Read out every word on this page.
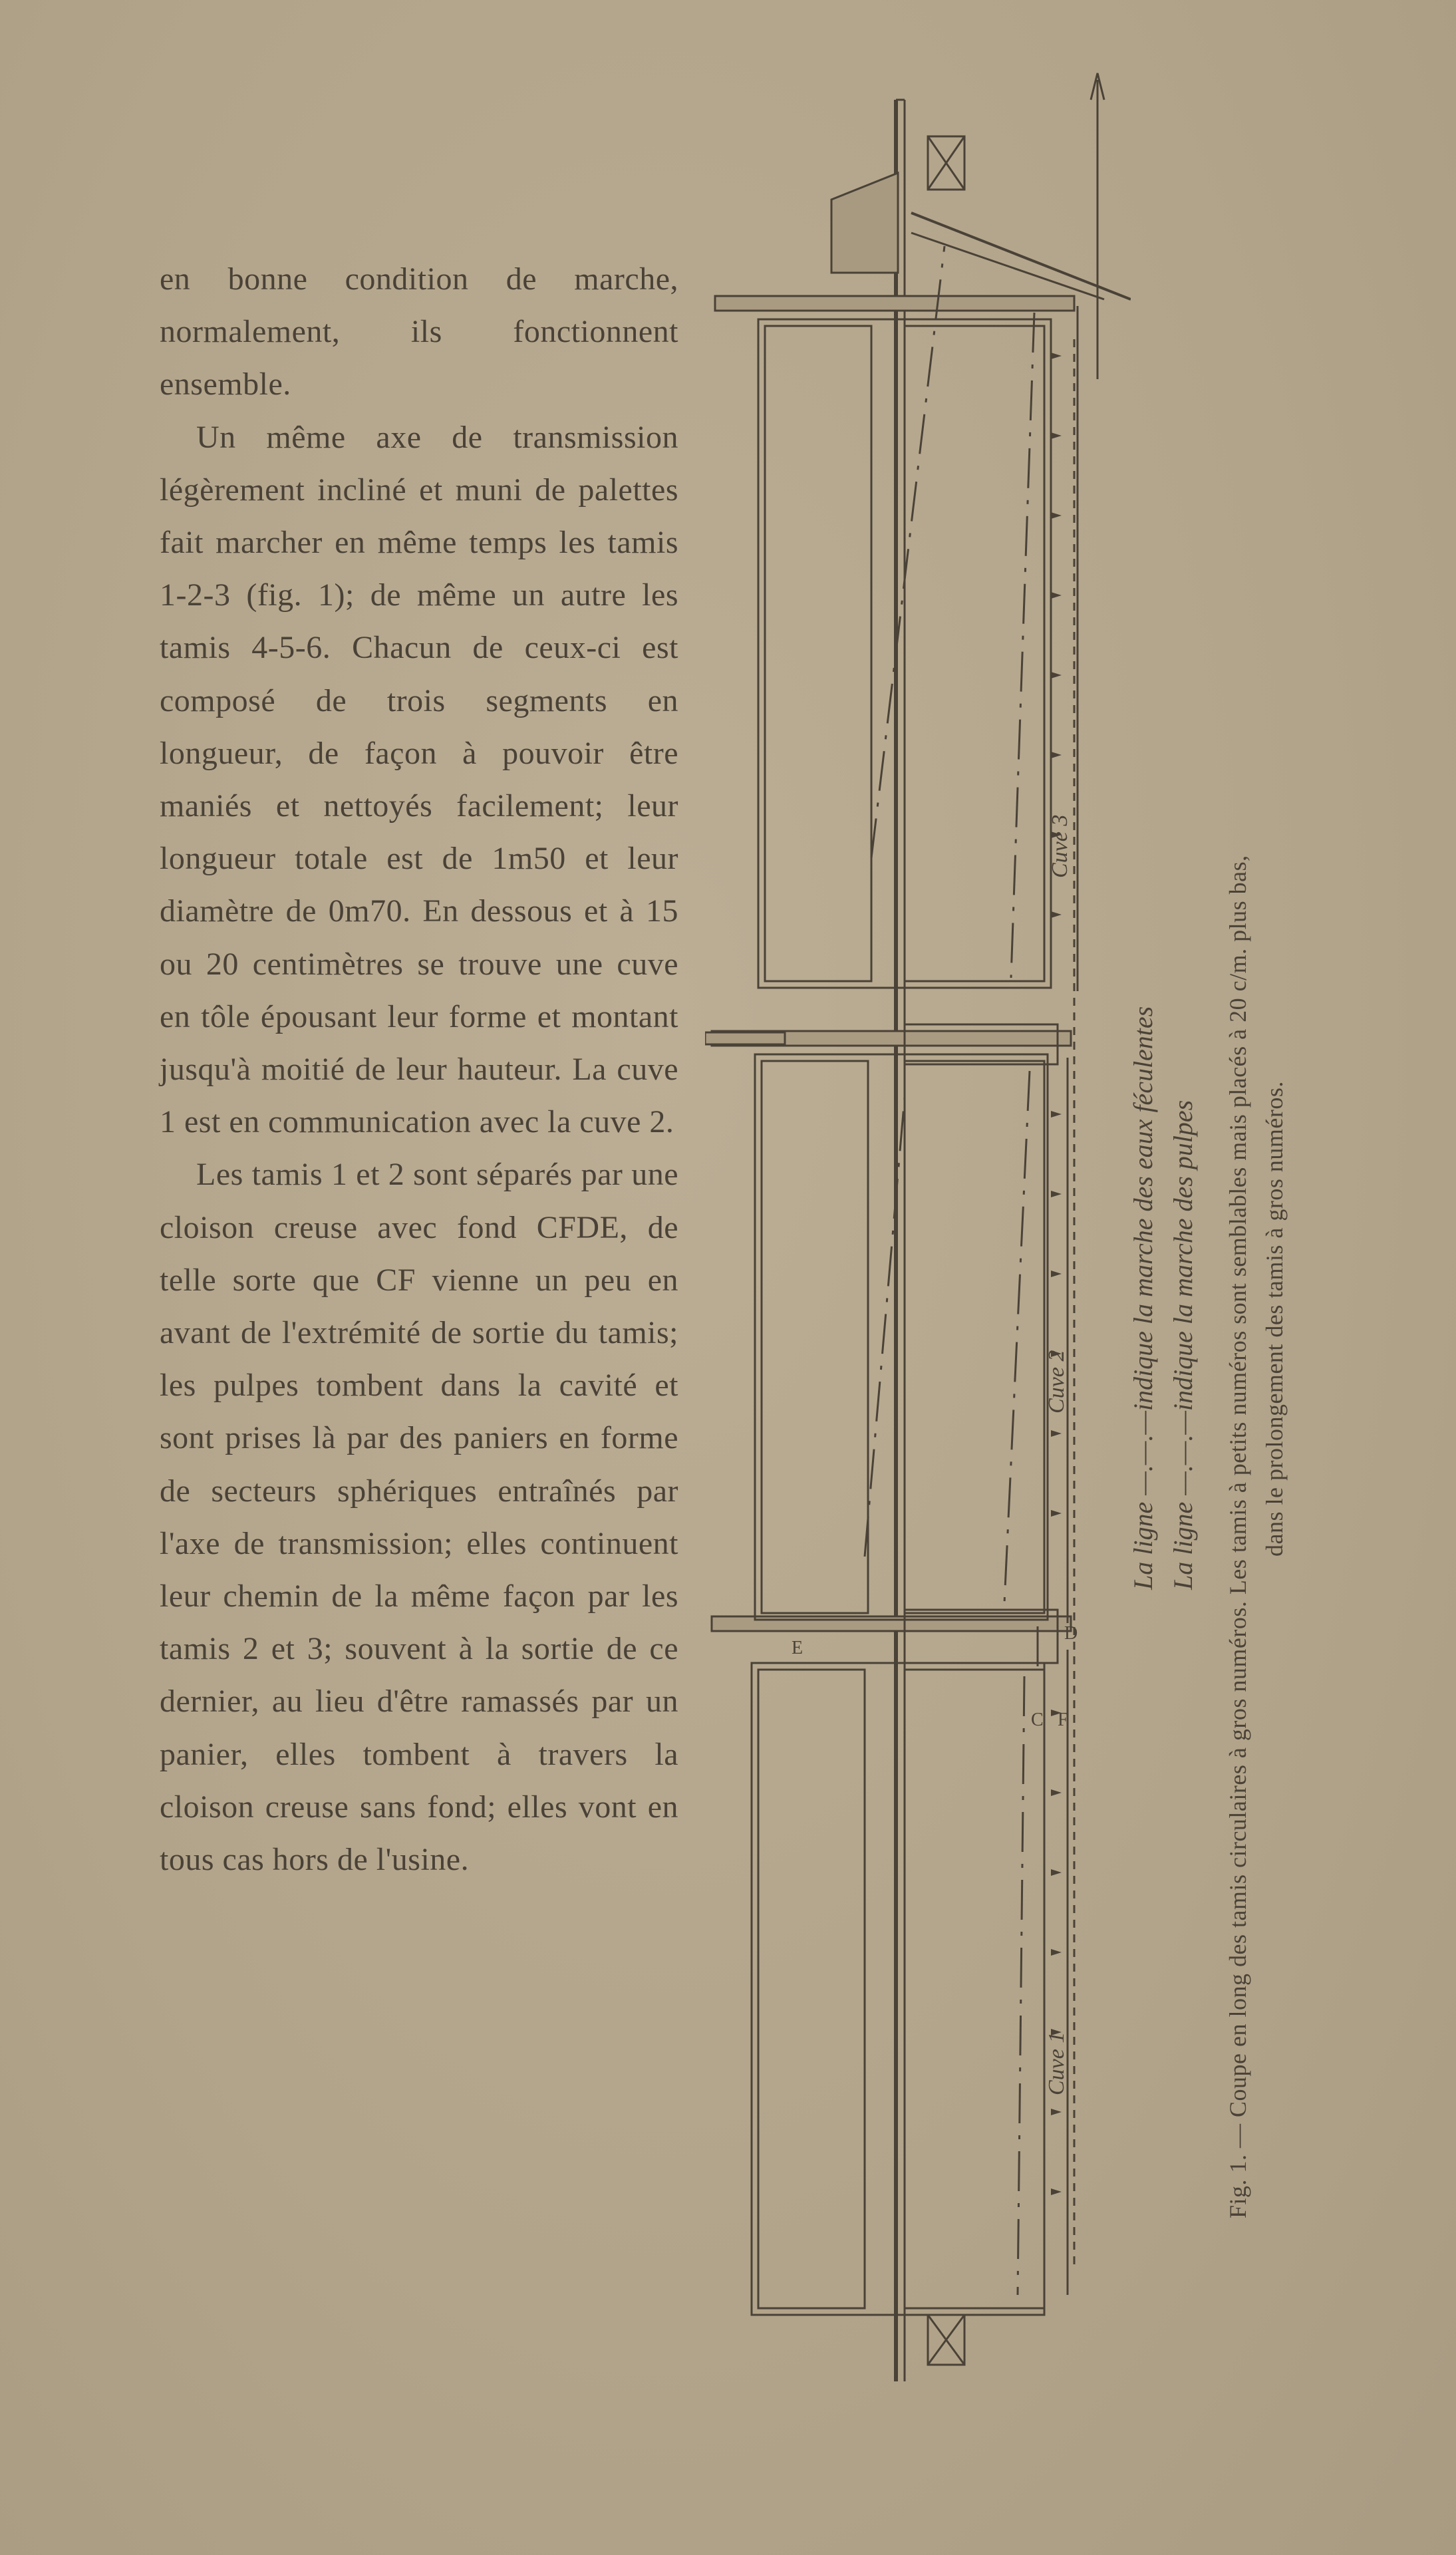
en bonne condition de marche, normalement, ils fonctionnent ensemble.

Un même axe de transmission légèrement incliné et muni de palettes fait marcher en même temps les tamis 1-2-3 (fig. 1); de même un autre les tamis 4-5-6. Chacun de ceux-ci est composé de trois segments en longueur, de façon à pouvoir être maniés et nettoyés facilement; leur longueur totale est de 1m50 et leur diamètre de 0m70. En dessous et à 15 ou 20 centimètres se trouve une cuve en tôle épousant leur forme et montant jusqu'à moitié de leur hauteur. La cuve 1 est en communication avec la cuve 2.

Les tamis 1 et 2 sont séparés par une cloison creuse avec fond CFDE, de telle sorte que CF vienne un peu en avant de l'extrémité de sortie du tamis; les pulpes tombent dans la cavité et sont prises là par des paniers en forme de secteurs sphériques entraînés par l'axe de transmission; elles continuent leur chemin de la même façon par les tamis 2 et 3; souvent à la sortie de ce dernier, au lieu d'être ramassés par un panier, elles tombent à travers la cloison creuse sans fond; elles vont en tous cas hors de l'usine.

Cuve 3
Cuve 2
Cuve 1
E
D
C F
La ligne —.—.—indique la marche des eaux féculentes La ligne —.—.—indique la marche des pulpes Fig. 1. — Coupe en long des tamis circulaires à gros numéros. Les tamis à petits numéros sont semblables mais placés à 20 c/m. plus bas, dans le prolongement des tamis à gros numéros.
